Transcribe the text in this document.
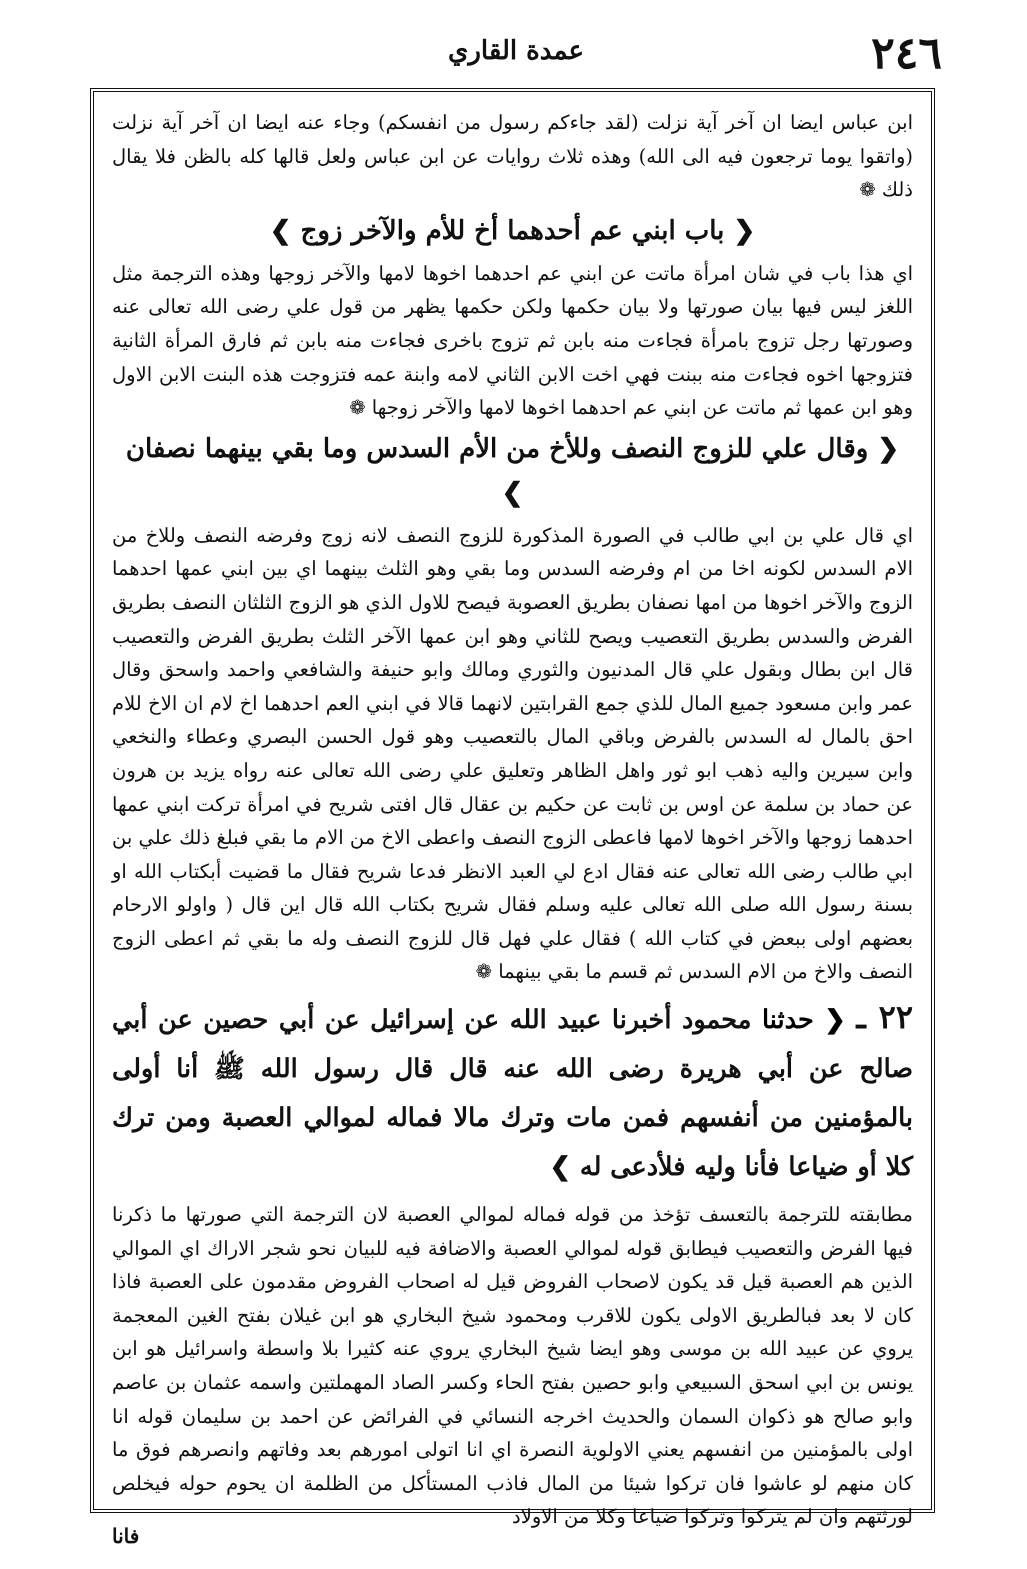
٢٤٦
عمدة القاري

ابن عباس ايضا ان آخر آية نزلت (لقد جاءكم رسول من انفسكم) وجاء عنه ايضا ان آخر آية نزلت (واتقوا يوما ترجعون فيه الى الله) وهذه ثلاث روايات عن ابن عباس ولعل قالها كله بالظن فلا يقال ذلك ❁

❮ باب ابني عم أحدهما أخ للأم والآخر زوج ❯

اي هذا باب في شان امرأة ماتت عن ابني عم احدهما اخوها لامها والآخر زوجها وهذه الترجمة مثل اللغز ليس فيها بيان صورتها ولا بيان حكمها ولكن حكمها يظهر من قول علي رضى الله تعالى عنه وصورتها رجل تزوج بامرأة فجاءت منه بابن ثم تزوج باخرى فجاءت منه بابن ثم فارق المرأة الثانية فتزوجها اخوه فجاءت منه ببنت فهي اخت الابن الثاني لامه وابنة عمه فتزوجت هذه البنت الابن الاول وهو ابن عمها ثم ماتت عن ابني عم احدهما اخوها لامها والآخر زوجها ❁

❮ وقال علي للزوج النصف وللأخ من الأم السدس وما بقي بينهما نصفان ❯

اي قال علي بن ابي طالب في الصورة المذكورة للزوج النصف لانه زوج وفرضه النصف وللاخ من الام السدس لكونه اخا من ام وفرضه السدس وما بقي وهو الثلث بينهما اي بين ابني عمها احدهما الزوج والآخر اخوها من امها نصفان بطريق العصوبة فيصح للاول الذي هو الزوج الثلثان النصف بطريق الفرض والسدس بطريق التعصيب ويصح للثاني وهو ابن عمها الآخر الثلث بطريق الفرض والتعصيب قال ابن بطال وبقول علي قال المدنيون والثوري ومالك وابو حنيفة والشافعي واحمد واسحق وقال عمر وابن مسعود جميع المال للذي جمع القرابتين لانهما قالا في ابني العم احدهما اخ لام ان الاخ للام احق بالمال له السدس بالفرض وباقي المال بالتعصيب وهو قول الحسن البصري وعطاء والنخعي وابن سيرين واليه ذهب ابو ثور واهل الظاهر وتعليق علي رضى الله تعالى عنه رواه يزيد بن هرون عن حماد بن سلمة عن اوس بن ثابت عن حكيم بن عقال قال افتى شريح في امرأة تركت ابني عمها احدهما زوجها والآخر اخوها لامها فاعطى الزوج النصف واعطى الاخ من الام ما بقي فبلغ ذلك علي بن ابي طالب رضى الله تعالى عنه فقال ادع لي العبد الانظر فدعا شريح فقال ما قضيت أبكتاب الله او بسنة رسول الله صلى الله تعالى عليه وسلم فقال شريح بكتاب الله قال اين قال ( واولو الارحام بعضهم اولى ببعض في كتاب الله ) فقال علي فهل قال للزوج النصف وله ما بقي ثم اعطى الزوج النصف والاخ من الام السدس ثم قسم ما بقي بينهما ❁

٢٢ ـ ❮ حدثنا محمود أخبرنا عبيد الله عن إسرائيل عن أبي حصين عن أبي صالح عن أبي هريرة رضى الله عنه قال قال رسول الله ﷺ أنا أولى بالمؤمنين من أنفسهم فمن مات وترك مالا فماله لموالي العصبة ومن ترك كلا أو ضياعا فأنا وليه فلأدعى له ❯

مطابقته للترجمة بالتعسف تؤخذ من قوله فماله لموالي العصبة لان الترجمة التي صورتها ما ذكرنا فيها الفرض والتعصيب فيطابق قوله لموالي العصبة والاضافة فيه للبيان نحو شجر الاراك اي الموالي الذين هم العصبة قيل قد يكون لاصحاب الفروض قيل له اصحاب الفروض مقدمون على العصبة فاذا كان لا بعد فبالطريق الاولى يكون للاقرب ومحمود شيخ البخاري هو ابن غيلان بفتح الغين المعجمة يروي عن عبيد الله بن موسى وهو ايضا شيخ البخاري يروي عنه كثيرا بلا واسطة واسرائيل هو ابن يونس بن ابي اسحق السبيعي وابو حصين بفتح الحاء وكسر الصاد المهملتين واسمه عثمان بن عاصم وابو صالح هو ذكوان السمان والحديث اخرجه النسائي في الفرائض عن احمد بن سليمان قوله انا اولى بالمؤمنين من انفسهم يعني الاولوية النصرة اي انا اتولى امورهم بعد وفاتهم وانصرهم فوق ما كان منهم لو عاشوا فان تركوا شيئا من المال فاذب المستأكل من الظلمة ان يحوم حوله فيخلص لورثتهم وان لم يتركوا وتركوا ضياعا وكلا من الاولاد

فانا
